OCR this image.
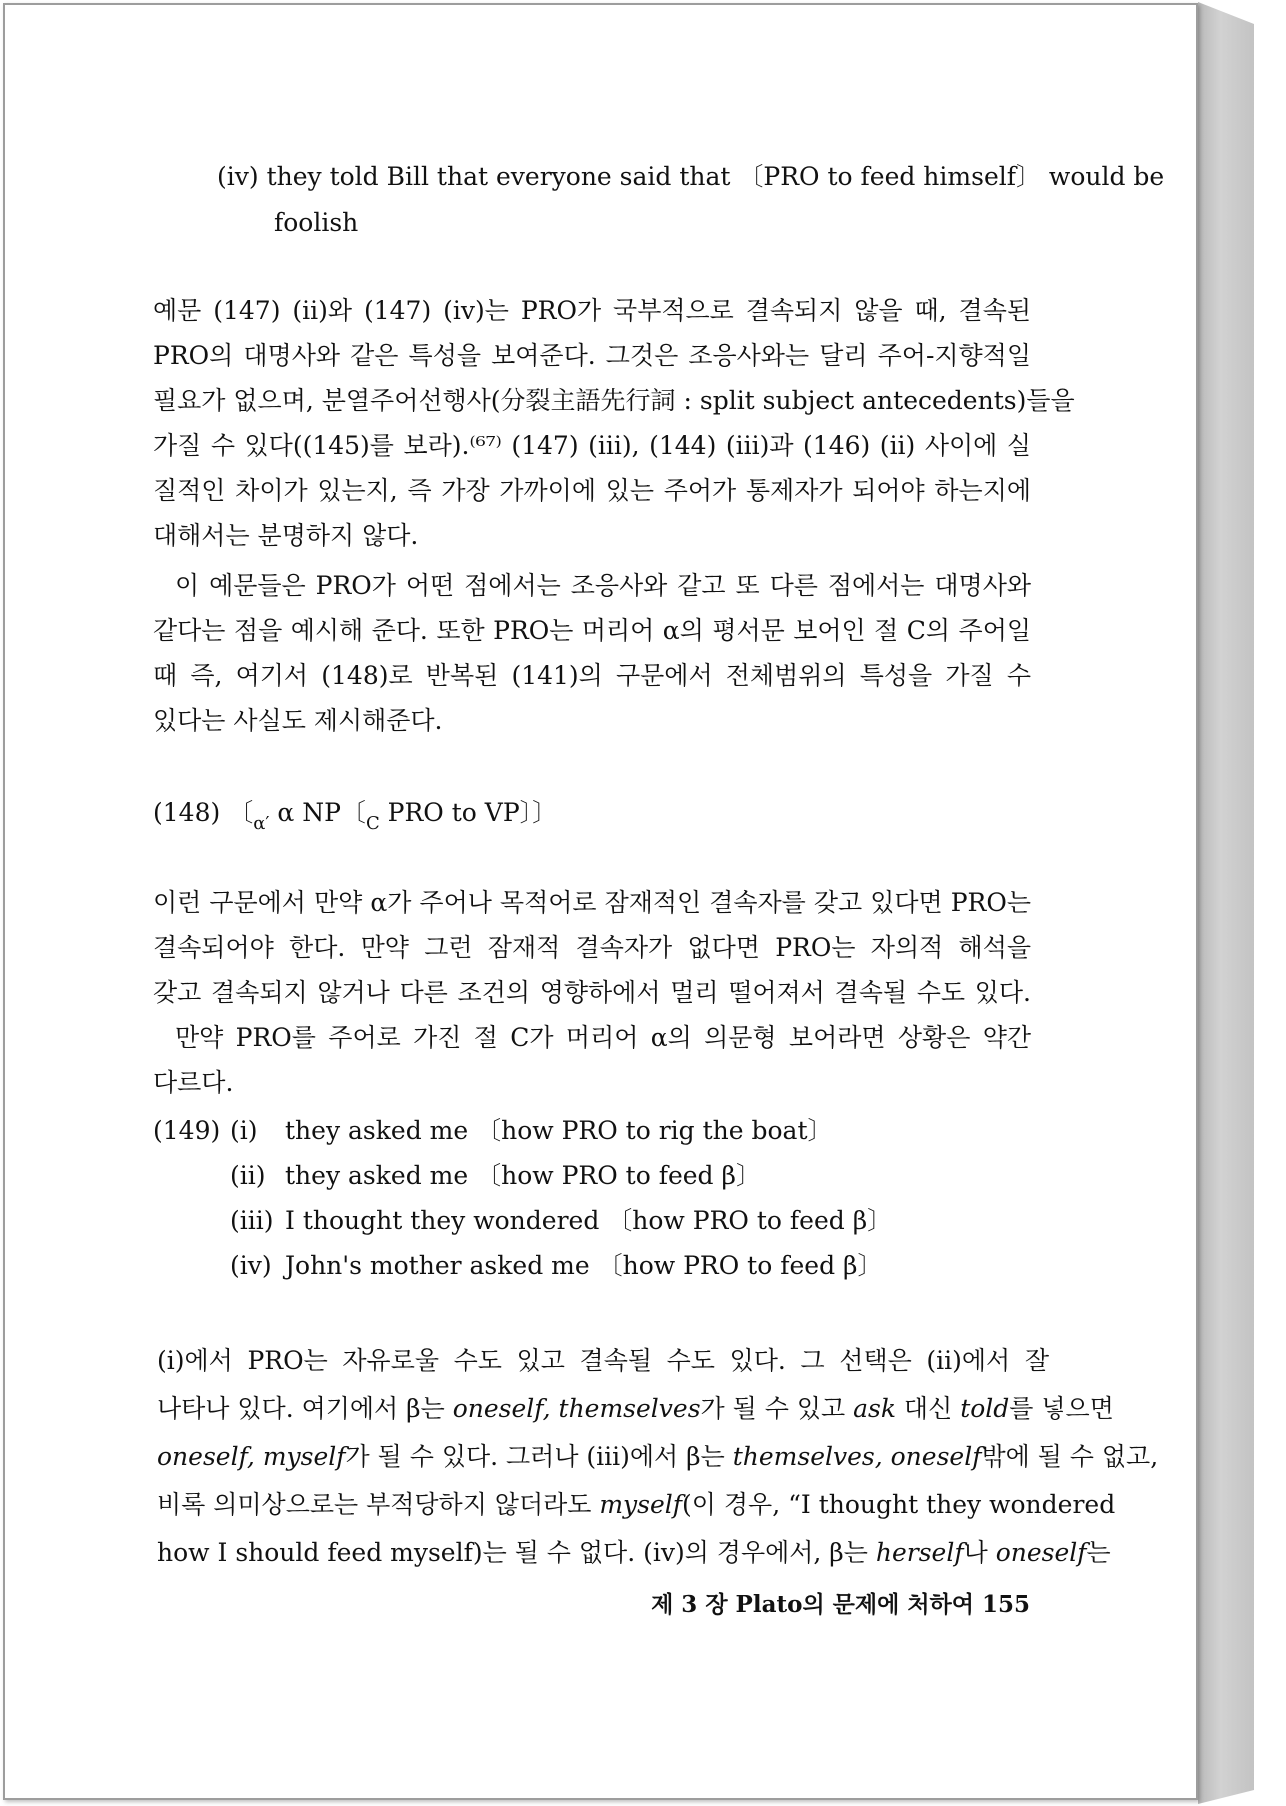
(iv) they told Bill that everyone said that 〔PRO to feed himself〕 would be
foolish
예문 (147) (ii)와 (147) (iv)는 PRO가 국부적으로 결속되지 않을 때, 결속된
PRO의 대명사와 같은 특성을 보여준다. 그것은 조응사와는 달리 주어-지향적일
필요가 없으며, 분열주어선행사(分裂主語先行詞 : split subject antecedents)들을
가질 수 있다((145)를 보라).⁽⁶⁷⁾ (147) (iii), (144) (iii)과 (146) (ii) 사이에 실
질적인 차이가 있는지, 즉 가장 가까이에 있는 주어가 통제자가 되어야 하는지에
대해서는 분명하지 않다.
이 예문들은 PRO가 어떤 점에서는 조응사와 같고 또 다른 점에서는 대명사와
같다는 점을 예시해 준다. 또한 PRO는 머리어 α의 평서문 보어인 절 C의 주어일
때 즉, 여기서 (148)로 반복된 (141)의 구문에서 전체범위의 특성을 가질 수
있다는 사실도 제시해준다.
(148) 〔$_{\alpha'}$ α NP〔$_C$ PRO to VP〕〕
이런 구문에서 만약 α가 주어나 목적어로 잠재적인 결속자를 갖고 있다면 PRO는
결속되어야 한다. 만약 그런 잠재적 결속자가 없다면 PRO는 자의적 해석을
갖고 결속되지 않거나 다른 조건의 영향하에서 멀리 떨어져서 결속될 수도 있다.
만약 PRO를 주어로 가진 절 C가 머리어 α의 의문형 보어라면 상황은 약간
다르다.
(149) (i)	they asked me 〔how PRO to rig the boat〕
(ii) they asked me 〔how PRO to feed β〕
(iii) I thought they wondered 〔how PRO to feed β〕
(iv) John's mother asked me 〔how PRO to feed β〕
(i)에서 PRO는 자유로울 수도 있고 결속될 수도 있다. 그 선택은 (ii)에서 잘
나타나 있다. 여기에서 β는 oneself, themselves가 될 수 있고 ask 대신 told를 넣으면
oneself, myself가 될 수 있다. 그러나 (iii)에서 β는 themselves, oneself밖에 될 수 없고,
비록 의미상으로는 부적당하지 않더라도 myself(이 경우, “I thought they wondered
how I should feed myself)는 될 수 없다. (iv)의 경우에서, β는 herself나 oneself는
제 3 장 Plato의 문제에 처하여 155
